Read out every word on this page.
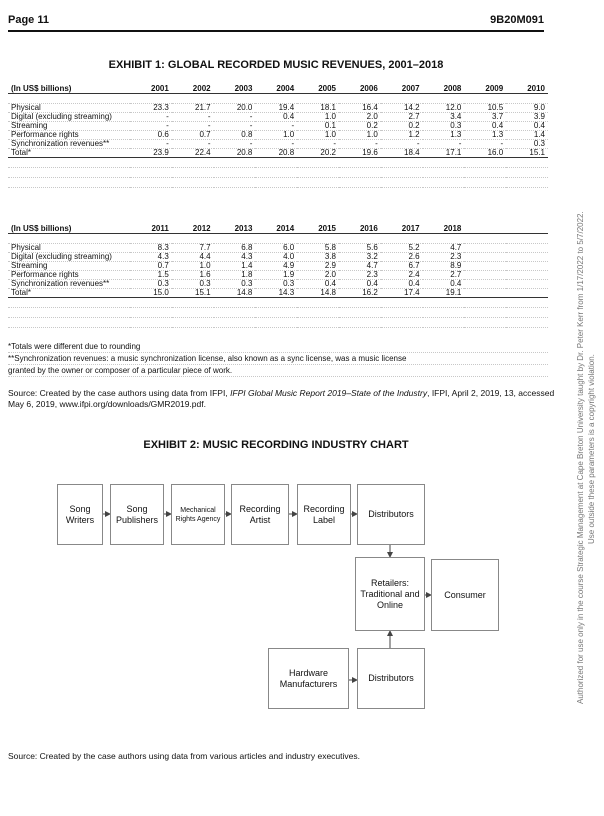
Page 11	9B20M091
EXHIBIT 1: GLOBAL RECORDED MUSIC REVENUES, 2001–2018
(In US$ billions)	2001	2002	2003	2004	2005	2006	2007	2008	2009	2010

Physical	23.3	21.7	20.0	19.4	18.1	16.4	14.2	12.0	10.5	9.0
Digital (excluding streaming)	-	-	-	0.4	1.0	2.0	2.7	3.4	3.7	3.9
Streaming	-	-	-	-	0.1	0.2	0.2	0.3	0.4	0.4
Performance rights	0.6	0.7	0.8	1.0	1.0	1.0	1.2	1.3	1.3	1.4
Synchronization revenues**	-	-	-	-	-	-	-	-	-	0.3
Total*	23.9	22.4	20.8	20.8	20.2	19.6	18.4	17.1	16.0	15.1

(In US$ billions)	2011	2012	2013	2014	2015	2016	2017	2018		

Physical	8.3	7.7	6.8	6.0	5.8	5.6	5.2	4.7		
Digital (excluding streaming)	4.3	4.4	4.3	4.0	3.8	3.2	2.6	2.3		
Streaming	0.7	1.0	1.4	4.9	2.9	4.7	6.7	8.9		
Performance rights	1.5	1.6	1.8	1.9	2.0	2.3	2.4	2.7		
Synchronization revenues**	0.3	0.3	0.3	0.3	0.4	0.4	0.4	0.4		
Total*	15.0	15.1	14.8	14.3	14.8	16.2	17.4	19.1		

*Totals were different due to rounding
**Synchronization revenues: a music synchronization license, also known as a sync license, was a music license
granted by the owner or composer of a particular piece of work.
Source: Created by the case authors using data from IFPI, IFPI Global Music Report 2019–State of the Industry, IFPI, April 2, 2019, 13, accessed May 6, 2019, www.ifpi.org/downloads/GMR2019.pdf.
EXHIBIT 2: MUSIC RECORDING INDUSTRY CHART
Song Writers
Song Publishers
Mechanical Rights Agency
Recording Artist
Recording Label
Distributors
Retailers: Traditional and Online
Consumer
Hardware Manufacturers
Distributors
Source: Created by the case authors using data from various articles and industry executives.
Authorized for use only in the course Strategic Management at Cape Breton University taught by Dr. Peter Kerr from 1/17/2022 to 5/7/2022. Use outside these parameters is a copyright violation.
